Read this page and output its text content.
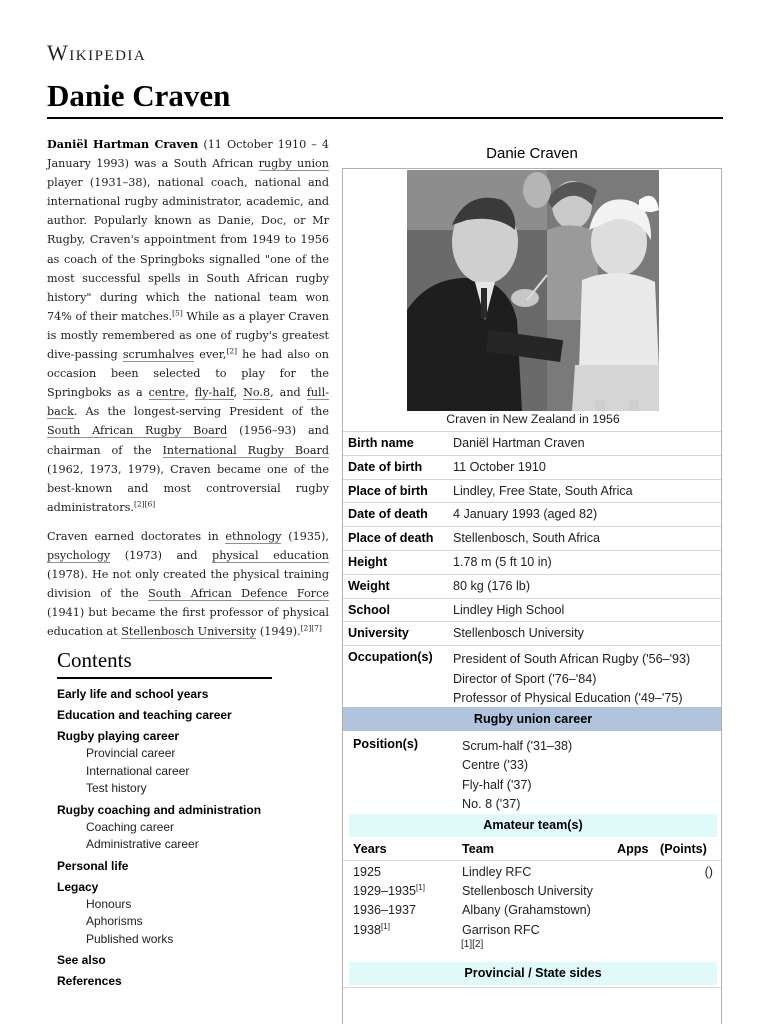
Wikipedia
Danie Craven

Daniël Hartman Craven (11 October 1910 – 4 January 1993) was a South African rugby union player (1931–38), national coach, national and international rugby administrator, academic, and author. Popularly known as Danie, Doc, or Mr Rugby, Craven's appointment from 1949 to 1956 as coach of the Springboks signalled "one of the most successful spells in South African rugby history" during which the national team won 74% of their matches.[5] While as a player Craven is mostly remembered as one of rugby's greatest dive-passing scrumhalves ever,[2] he had also on occasion been selected to play for the Springboks as a centre, fly-half, No.8, and full-back. As the longest-serving President of the South African Rugby Board (1956–93) and chairman of the International Rugby Board (1962, 1973, 1979), Craven became one of the best-known and most controversial rugby administrators.[2][6]

Craven earned doctorates in ethnology (1935), psychology (1973) and physical education (1978). He not only created the physical training division of the South African Defence Force (1941) but became the first professor of physical education at Stellenbosch University (1949).[2][7]

Contents
Early life and school years
Education and teaching career
Rugby playing career
Provincial career
International career
Test history
Rugby coaching and administration
Coaching career
Administrative career
Personal life
Legacy
Honours
Aphorisms
Published works
See also
References
Danie Craven
Craven in New Zealand in 1956
Birth name	Daniël Hartman Craven
Date of birth 11 October 1910
Place of birth Lindley, Free State, South Africa
Date of death 4 January 1993 (aged 82)
Place of death Stellenbosch, South Africa
Height	1.78 m (5 ft 10 in)
Weight	80 kg (176 lb)
School	Lindley High School
University	Stellenbosch University
Occupation(s) President of South African Rugby ('56–'93)
Director of Sport ('76–'84)
Professor of Physical Education ('49–'75)
Rugby union career
Position(s)	Scrum-half ('31–38)
Centre ('33)
Fly-half ('37)
No. 8 ('37)
Amateur team(s)
Years	Team	Apps (Points)
1925	Lindley RFC	()
1929–1935[1]	Stellenbosch University
1936–1937	Albany (Grahamstown)
1938[1]	Garrison RFC
[1][2]
Provincial / State sides
